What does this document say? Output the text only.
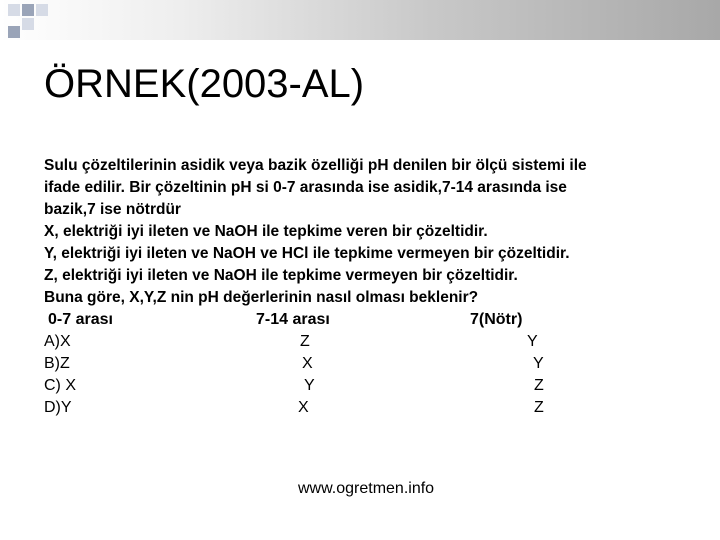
ÖRNEK(2003-AL)
Sulu çözeltilerinin asidik veya bazik özelliği pH denilen bir ölçü sistemi ile
ifade edilir. Bir çözeltinin pH si 0-7 arasında ise asidik,7-14 arasında ise
bazik,7 ise nötrdür
X, elektriği iyi ileten ve NaOH ile tepkime veren bir çözeltidir.
Y, elektriği iyi ileten ve NaOH ve HCl ile tepkime vermeyen bir çözeltidir.
Z, elektriği iyi ileten ve NaOH ile tepkime vermeyen bir çözeltidir.
Buna göre, X,Y,Z nin pH değerlerinin nasıl olması beklenir?
0-7 arası	7-14 arası	7(Nötr)
A)X	Z	Y
B)Z	X	Y
C) X	Y	Z
D)Y	X	Z
www.ogretmen.info
